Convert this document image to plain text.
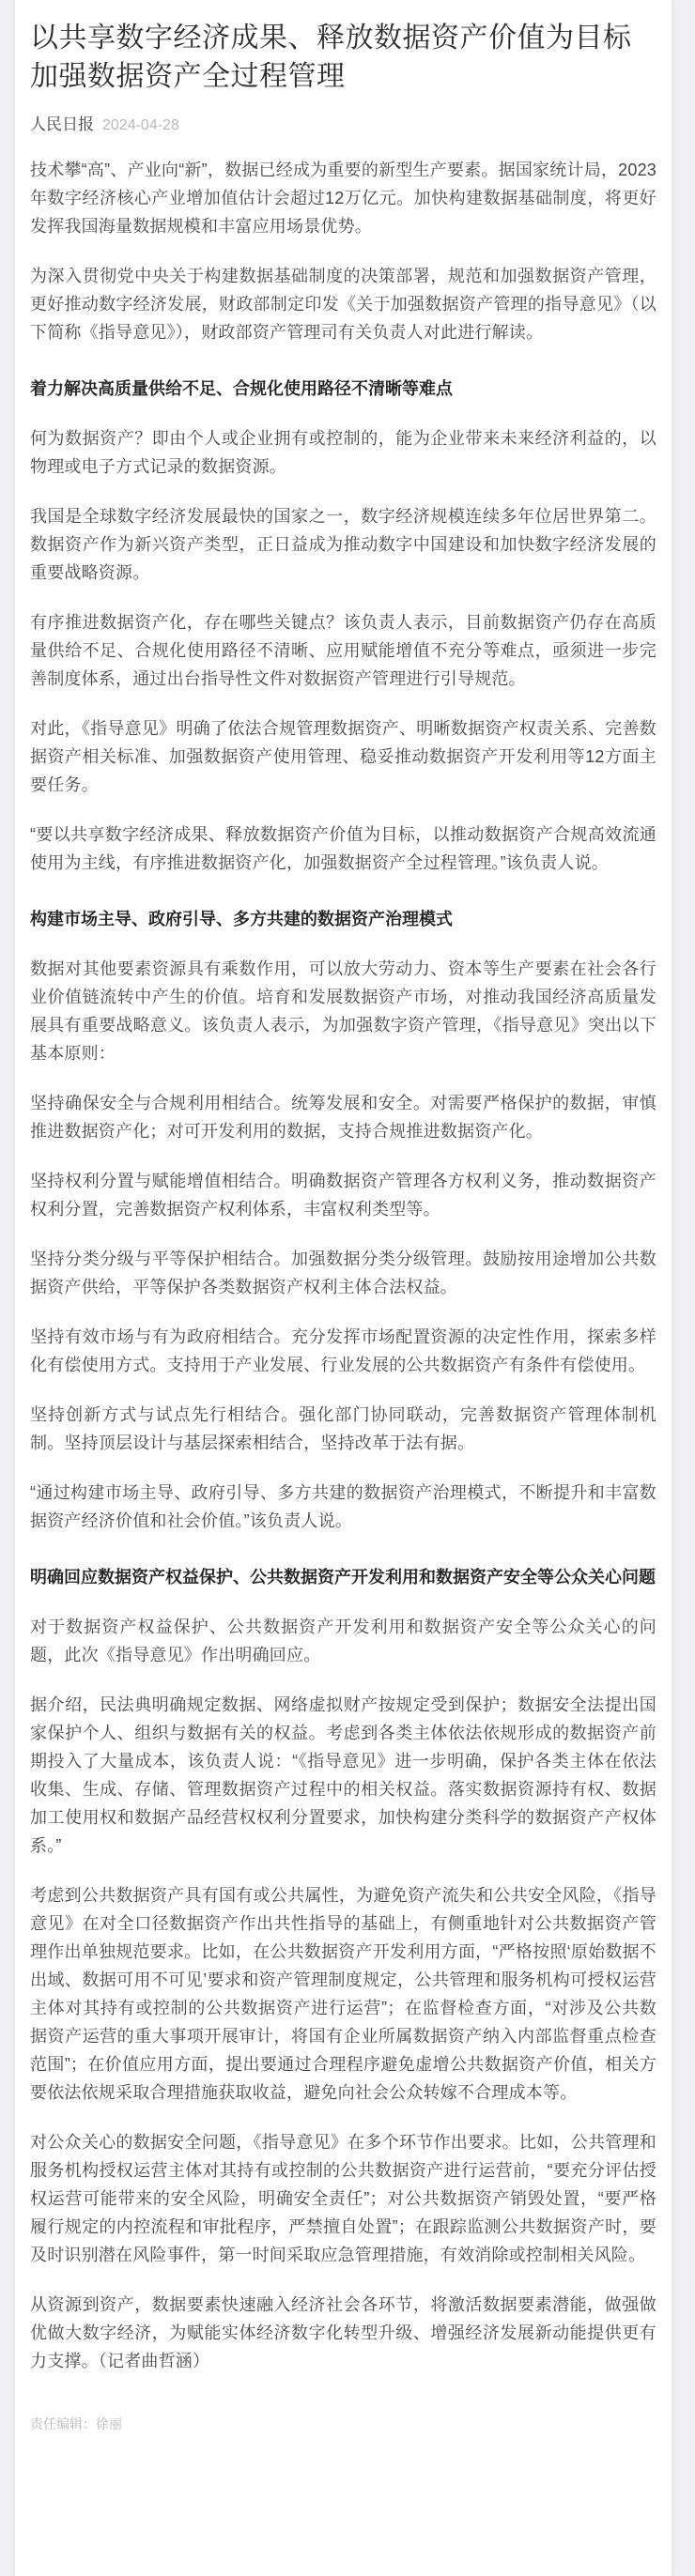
以共享数字经济成果、释放数据资产价值为目标 加强数据资产全过程管理
人民日报 2024-04-28

技术攀“高”、产业向“新”，数据已经成为重要的新型生产要素。据国家统计局，2023年数字经济核心产业增加值估计会超过12万亿元。加快构建数据基础制度，将更好发挥我国海量数据规模和丰富应用场景优势。

为深入贯彻党中央关于构建数据基础制度的决策部署，规范和加强数据资产管理，更好推动数字经济发展，财政部制定印发《关于加强数据资产管理的指导意见》（以下简称《指导意见》），财政部资产管理司有关负责人对此进行解读。

着力解决高质量供给不足、合规化使用路径不清晰等难点

何为数据资产？即由个人或企业拥有或控制的，能为企业带来未来经济利益的，以物理或电子方式记录的数据资源。

我国是全球数字经济发展最快的国家之一，数字经济规模连续多年位居世界第二。数据资产作为新兴资产类型，正日益成为推动数字中国建设和加快数字经济发展的重要战略资源。

有序推进数据资产化，存在哪些关键点？该负责人表示，目前数据资产仍存在高质量供给不足、合规化使用路径不清晰、应用赋能增值不充分等难点，亟须进一步完善制度体系，通过出台指导性文件对数据资产管理进行引导规范。

对此，《指导意见》明确了依法合规管理数据资产、明晰数据资产权责关系、完善数据资产相关标准、加强数据资产使用管理、稳妥推动数据资产开发利用等12方面主要任务。

“要以共享数字经济成果、释放数据资产价值为目标，以推动数据资产合规高效流通使用为主线，有序推进数据资产化，加强数据资产全过程管理。”该负责人说。

构建市场主导、政府引导、多方共建的数据资产治理模式

数据对其他要素资源具有乘数作用，可以放大劳动力、资本等生产要素在社会各行业价值链流转中产生的价值。培育和发展数据资产市场，对推动我国经济高质量发展具有重要战略意义。该负责人表示，为加强数字资产管理，《指导意见》突出以下基本原则：

坚持确保安全与合规利用相结合。统筹发展和安全。对需要严格保护的数据，审慎推进数据资产化；对可开发利用的数据，支持合规推进数据资产化。

坚持权利分置与赋能增值相结合。明确数据资产管理各方权利义务，推动数据资产权利分置，完善数据资产权利体系，丰富权利类型等。

坚持分类分级与平等保护相结合。加强数据分类分级管理。鼓励按用途增加公共数据资产供给，平等保护各类数据资产权利主体合法权益。

坚持有效市场与有为政府相结合。充分发挥市场配置资源的决定性作用，探索多样化有偿使用方式。支持用于产业发展、行业发展的公共数据资产有条件有偿使用。

坚持创新方式与试点先行相结合。强化部门协同联动，完善数据资产管理体制机制。坚持顶层设计与基层探索相结合，坚持改革于法有据。

“通过构建市场主导、政府引导、多方共建的数据资产治理模式，不断提升和丰富数据资产经济价值和社会价值。”该负责人说。

明确回应数据资产权益保护、公共数据资产开发利用和数据资产安全等公众关心问题

对于数据资产权益保护、公共数据资产开发利用和数据资产安全等公众关心的问题，此次《指导意见》作出明确回应。

据介绍，民法典明确规定数据、网络虚拟财产按规定受到保护；数据安全法提出国家保护个人、组织与数据有关的权益。考虑到各类主体依法依规形成的数据资产前期投入了大量成本，该负责人说：“《指导意见》进一步明确，保护各类主体在依法收集、生成、存储、管理数据资产过程中的相关权益。落实数据资源持有权、数据加工使用权和数据产品经营权权利分置要求，加快构建分类科学的数据资产产权体系。”

考虑到公共数据资产具有国有或公共属性，为避免资产流失和公共安全风险，《指导意见》在对全口径数据资产作出共性指导的基础上，有侧重地针对公共数据资产管理作出单独规范要求。比如，在公共数据资产开发利用方面，“严格按照‘原始数据不出域、数据可用不可见’要求和资产管理制度规定，公共管理和服务机构可授权运营主体对其持有或控制的公共数据资产进行运营”；在监督检查方面，“对涉及公共数据资产运营的重大事项开展审计，将国有企业所属数据资产纳入内部监督重点检查范围”；在价值应用方面，提出要通过合理程序避免虚增公共数据资产价值，相关方要依法依规采取合理措施获取收益，避免向社会公众转嫁不合理成本等。

对公众关心的数据安全问题，《指导意见》在多个环节作出要求。比如，公共管理和服务机构授权运营主体对其持有或控制的公共数据资产进行运营前，“要充分评估授权运营可能带来的安全风险，明确安全责任”；对公共数据资产销毁处置，“要严格履行规定的内控流程和审批程序，严禁擅自处置”；在跟踪监测公共数据资产时，要及时识别潜在风险事件，第一时间采取应急管理措施，有效消除或控制相关风险。

从资源到资产，数据要素快速融入经济社会各环节，将激活数据要素潜能，做强做优做大数字经济，为赋能实体经济数字化转型升级、增强经济发展新动能提供更有力支撑。（记者曲哲涵）

责任编辑：徐丽
